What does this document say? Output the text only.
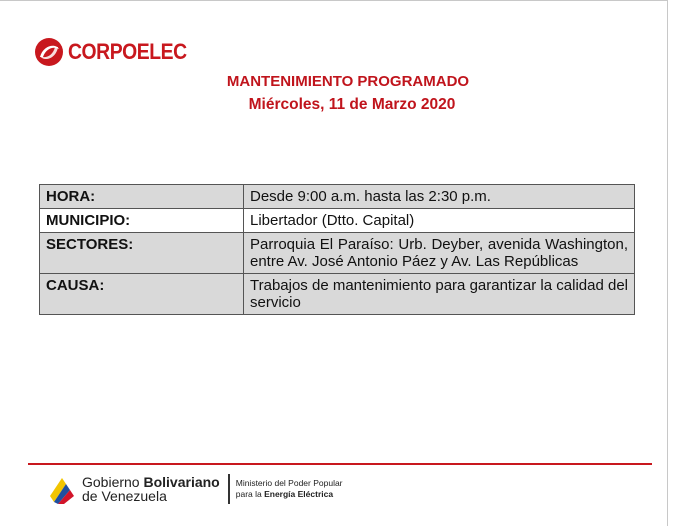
CORPOELEC
MANTENIMIENTO PROGRAMADO
Miércoles, 11 de Marzo 2020
HORA:	Desde 9:00 a.m. hasta las 2:30 p.m.
MUNICIPIO:	Libertador (Dtto. Capital)
SECTORES:	Parroquia El Paraíso: Urb. Deyber, avenida Washington, entre Av. José Antonio Páez y Av. Las Repúblicas
CAUSA:	Trabajos de mantenimiento para garantizar la calidad del servicio
Gobierno Bolivariano
de Venezuela
Ministerio del Poder Popular
para la Energía Eléctrica
